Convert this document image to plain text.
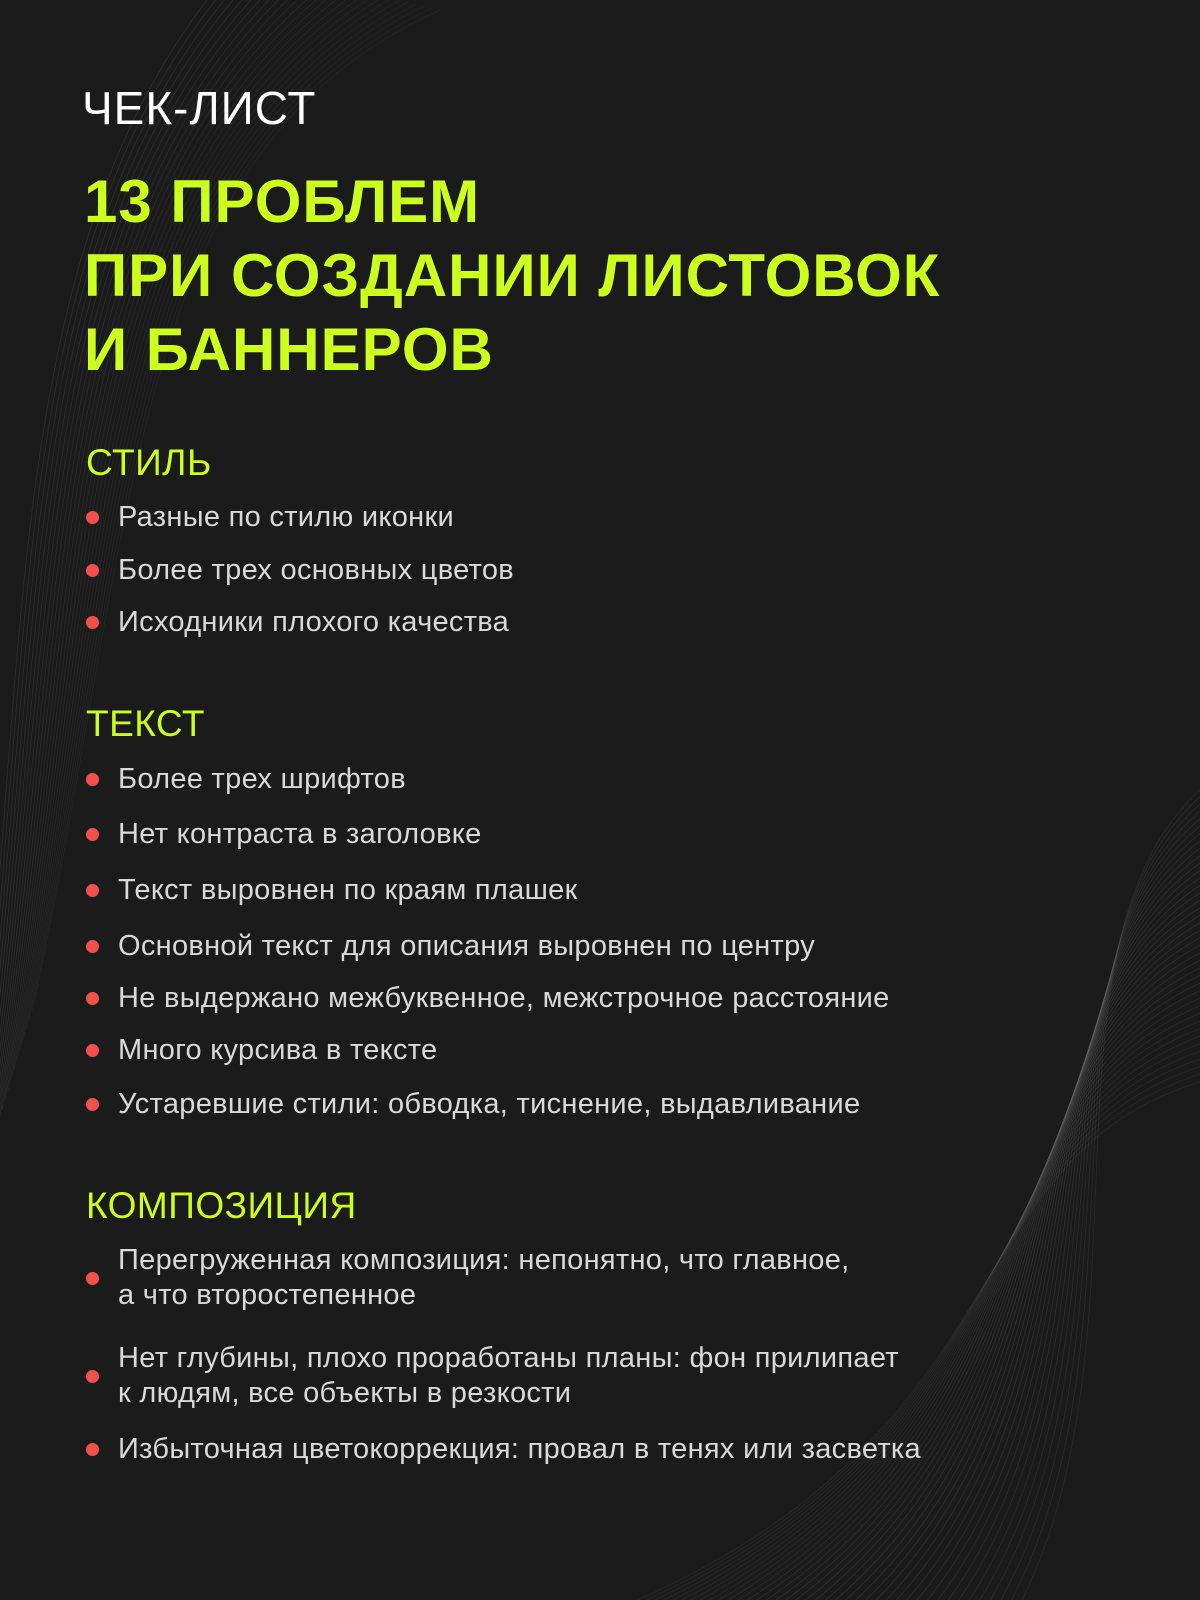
ЧЕК-ЛИСТ
13 ПРОБЛЕМ
ПРИ СОЗДАНИИ ЛИСТОВОК
И БАННЕРОВ
СТИЛЬ
Разные по стилю иконки
Более трех основных цветов
Исходники плохого качества
ТЕКСТ
Более трех шрифтов
Нет контраста в заголовке
Текст выровнен по краям плашек
Основной текст для описания выровнен по центру
Не выдержано межбуквенное, межстрочное расстояние
Много курсива в тексте
Устаревшие стили: обводка, тиснение, выдавливание
КОМПОЗИЦИЯ
Перегруженная композиция: непонятно, что главное,
а что второстепенное
Нет глубины, плохо проработаны планы: фон прилипает
к людям, все объекты в резкости
Избыточная цветокоррекция: провал в тенях или засветка
